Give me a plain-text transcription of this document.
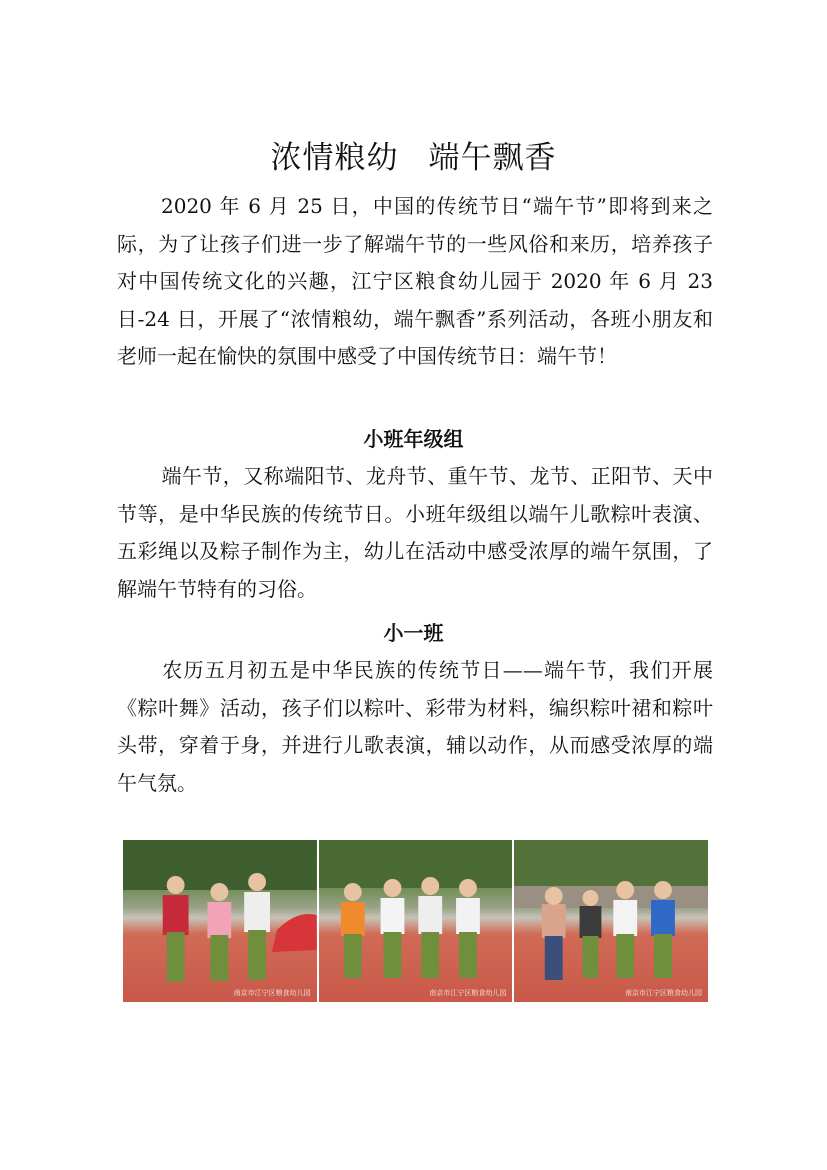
浓情粮幼 端午飘香

2020 年 6 月 25 日，中国的传统节日“端午节”即将到来之际，为了让孩子们进一步了解端午节的一些风俗和来历，培养孩子对中国传统文化的兴趣，江宁区粮食幼儿园于 2020 年 6 月 23 日-24 日，开展了“浓情粮幼，端午飘香”系列活动，各班小朋友和老师一起在愉快的氛围中感受了中国传统节日：端午节！

小班年级组

端午节，又称端阳节、龙舟节、重午节、龙节、正阳节、天中节等，是中华民族的传统节日。小班年级组以端午儿歌粽叶表演、五彩绳以及粽子制作为主，幼儿在活动中感受浓厚的端午氛围，了解端午节特有的习俗。

小一班

农历五月初五是中华民族的传统节日——端午节，我们开展《粽叶舞》活动，孩子们以粽叶、彩带为材料，编织粽叶裙和粽叶头带，穿着于身，并进行儿歌表演，辅以动作，从而感受浓厚的端午气氛。

南京市江宁区粮食幼儿园	南京市江宁区粮食幼儿园	南京市江宁区粮食幼儿园
